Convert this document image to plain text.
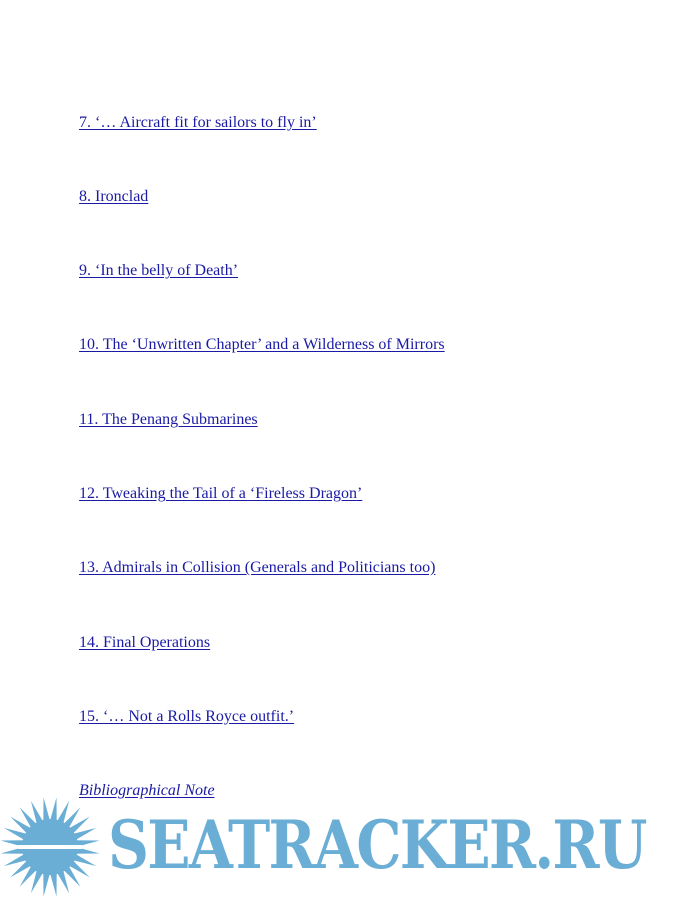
7. ‘… Aircraft fit for sailors to fly in’
8. Ironclad
9. ‘In the belly of Death’
10. The ‘Unwritten Chapter’ and a Wilderness of Mirrors
11. The Penang Submarines
12. Tweaking the Tail of a ‘Fireless Dragon’
13. Admirals in Collision (Generals and Politicians too)
14. Final Operations
15. ‘… Not a Rolls Royce outfit.’
Bibliographical Note
SEATRACKER.RU
